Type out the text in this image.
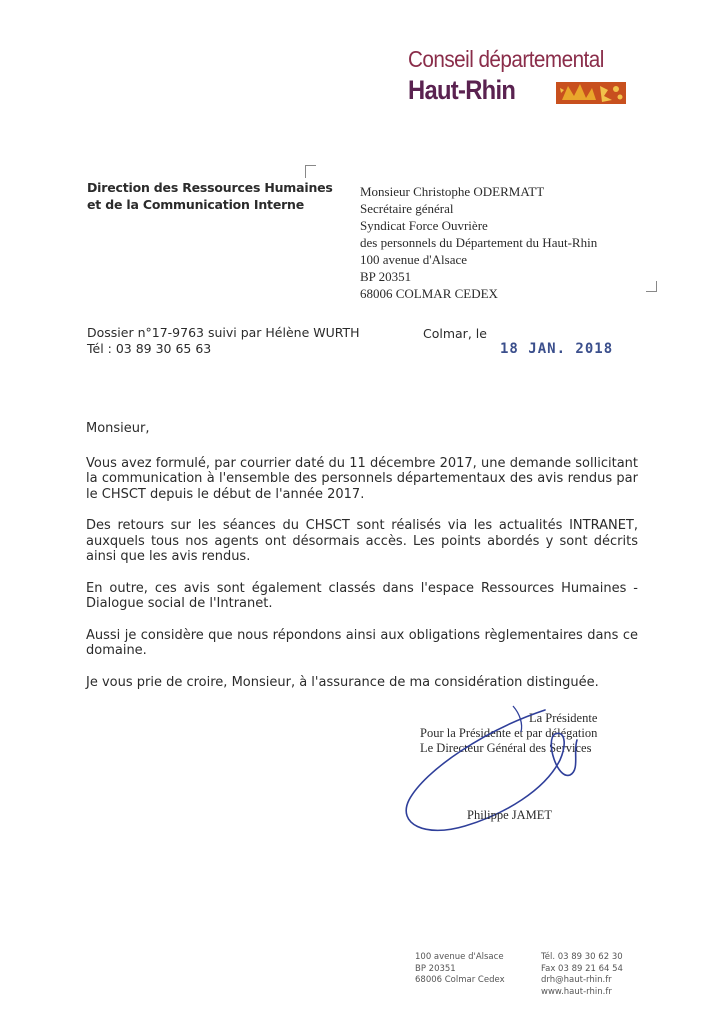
Conseil départemental
Haut-Rhin
Direction des Ressources Humaines
et de la Communication Interne
Monsieur Christophe ODERMATT
Secrétaire général
Syndicat Force Ouvrière
des personnels du Département du Haut-Rhin
100 avenue d'Alsace
BP 20351
68006 COLMAR CEDEX
Dossier n°17-9763 suivi par Hélène WURTH
Tél : 03 89 30 65 63
Colmar, le
18 JAN. 2018

Monsieur,

Vous avez formulé, par courrier daté du 11 décembre 2017, une demande sollicitant la communication à l'ensemble des personnels départementaux des avis rendus par le CHSCT depuis le début de l'année 2017.

Des retours sur les séances du CHSCT sont réalisés via les actualités INTRANET, auxquels tous nos agents ont désormais accès. Les points abordés y sont décrits ainsi que les avis rendus.

En outre, ces avis sont également classés dans l'espace Ressources Humaines - Dialogue social de l'Intranet.

Aussi je considère que nous répondons ainsi aux obligations règlementaires dans ce domaine.

Je vous prie de croire, Monsieur, à l'assurance de ma considération distinguée.

La Présidente
Pour la Présidente et par délégation
Le Directeur Général des Services
Philippe JAMET
100 avenue d'Alsace
BP 20351
68006 Colmar Cedex
Tél. 03 89 30 62 30
Fax 03 89 21 64 54
drh@haut-rhin.fr
www.haut-rhin.fr
